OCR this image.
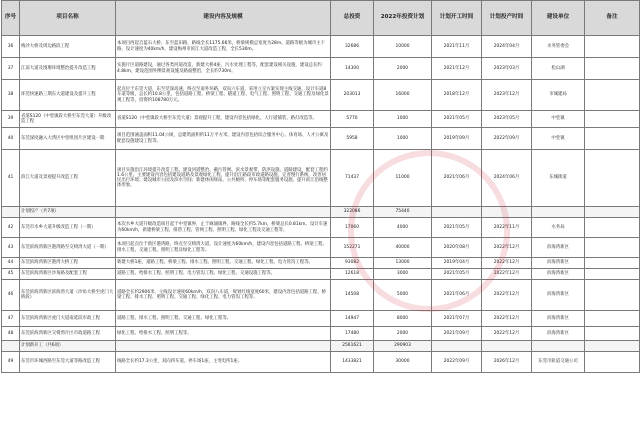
序号	项目名称	建设内容及规模	总投资	2022年投资计划	计划开工时间	计划投产时间	建设单位	备注
36	梅沙大桥及周边路段工程	本项目西起自蓝石大桥，东至蓝田路，路线全长1175.66米，桥梁规模总宽度为28m。道路等级为城市主干路，设计速度为40km/h，建设梅州市滨江大道改造工程，全长530m。	32686	10000	2021年11月	2024年04月	水务管委会	
37	江前大道及围堰环境整治提升改造工程	实施片区道路建设，通过各类河道改造，新建大桥4座，污水处理工程等，配套建设相关设施，建设总长约4.8km，建设范围外侧景观设施及路面整治，全长约730m。	14300	2000	2021年12月	2023年03月	松山湖	
38	环莞快速路三期东大道建设及提升工程	起点位于东莞大道，东至莞深高速，终点至南外环路，双向六车道，采用立交方案实现主线交通，设计车道8车道等级，总长约10.8公里，包括道路工程、桥梁工程、隧道工程、电气工程、照明工程、交通工程及绿化景观工程等，投资约108780万元。	203013	16000	2018年12月	2023年12月	市城建局	
39	省道S120（中堂镇段大桥至东莞大道）升级改造工程	省道S120（中堂镇段大桥至东莞大道）景观提升工程，建设内容包括绿化、人行道铺装、路灯改造等。	5770	1000	2021年05月	2023年05月	中堂镇	
40	东莞深度融入大湾区中堂组团片区建设一期	项目范围涵盖面积11.04公顷，总建筑面积约11万平方米，建设内容包括综合服务中心、体育场、人才公寓及配套设施建设工程等。	5958	1000	2019年09月	2022年09月	中堂镇	
41	滨江大道及景观提升改造工程	项目实施沿江环境提升改造工程，建设河道整治、截污管网、滨水景观带、防洪设施、道路建设，配套工程约1.6公里。主要建设内容包括建设道路及景观绿化工程，提升沿江路段市政道路设施，完善慢行系统，改善居民出行环境；建设城市公园及滨水空间；新建休闲驿站、公共厕所、停车场等配套服务设施，提升滨江沿线整体形象。	71437	11000	2021年06月	2024年06月	东城街道	
	计划投产（共7项）		322086	75440				
42	东莞市水乡大道升级改造工程（一期）	本次水乡大道升级改造项目起于中堂镇界，止于麻涌镇界，路线全长约5.7km，桥梁总长0.81km。设计车速为60km/h，新建桥梁工程、排涝工程、管网工程、照明工程、绿化工程及交通工程等。	17060	4000	2021年05月	2022年11月	水务局	
43	东莞滨海湾新区港湾路至交椅湾大道（一期）	本项目起点位于新区港湾路，终点至交椅湾大道，设计速度为60km/h，建设内容包括道路工程、桥梁工程、排水工程、交通工程、照明工程及绿化工程等。	152271	40000	2020年08月	2022年12月	滨海湾新区	
44	东莞滨海湾新区港湾大桥工程	新建大桥1座，道路工程、桥梁工程、排水工程、照明工程、交通工程、绿化工程、电力管沟工程等。	93082	13000	2019年04月	2022年12月	滨海湾新区	
45	东莞滨海湾新区沙角路及配套工程	道路工程、给排水工程、照明工程、电力管沟工程、绿化工程、交通设施工程等。	12618	3000	2021年05月	2022年12月	滨海湾新区	
46	东莞滨海湾新区滨海湾大道（沙角大桥至虎门大桥段）	道路全长约2906米，主线设计速度60km/h，双向八车道，规划红线宽度60米，建设内容包括道路工程、桥梁工程、排水工程、照明工程、交通工程、绿化工程、电力管沟工程等。	14508	5000	2021年06月	2022年12月	滨海湾新区	
47	东莞滨海湾新区虎门大道南延段市政工程	道路工程、排水工程、照明工程、交通工程、绿化工程等。	14947	8000	2021年07月	2022年12月	滨海湾新区	
48	东莞滨海湾新区交椅湾片区市政道路工程	绿化工程、给排水工程、照明工程等。	17480	2000	2021年09月	2022年12月	滨海湾新区	
	计划新开工（共6项）		2561621	290903				
49	东莞市环城西路至东莞大道等路改造工程	线路全长约17.3公里，双向四车道，停车场1座，主变电所1座。	1433821	30000	2022年09月	2026年12月	东莞市轨道交通公司	
